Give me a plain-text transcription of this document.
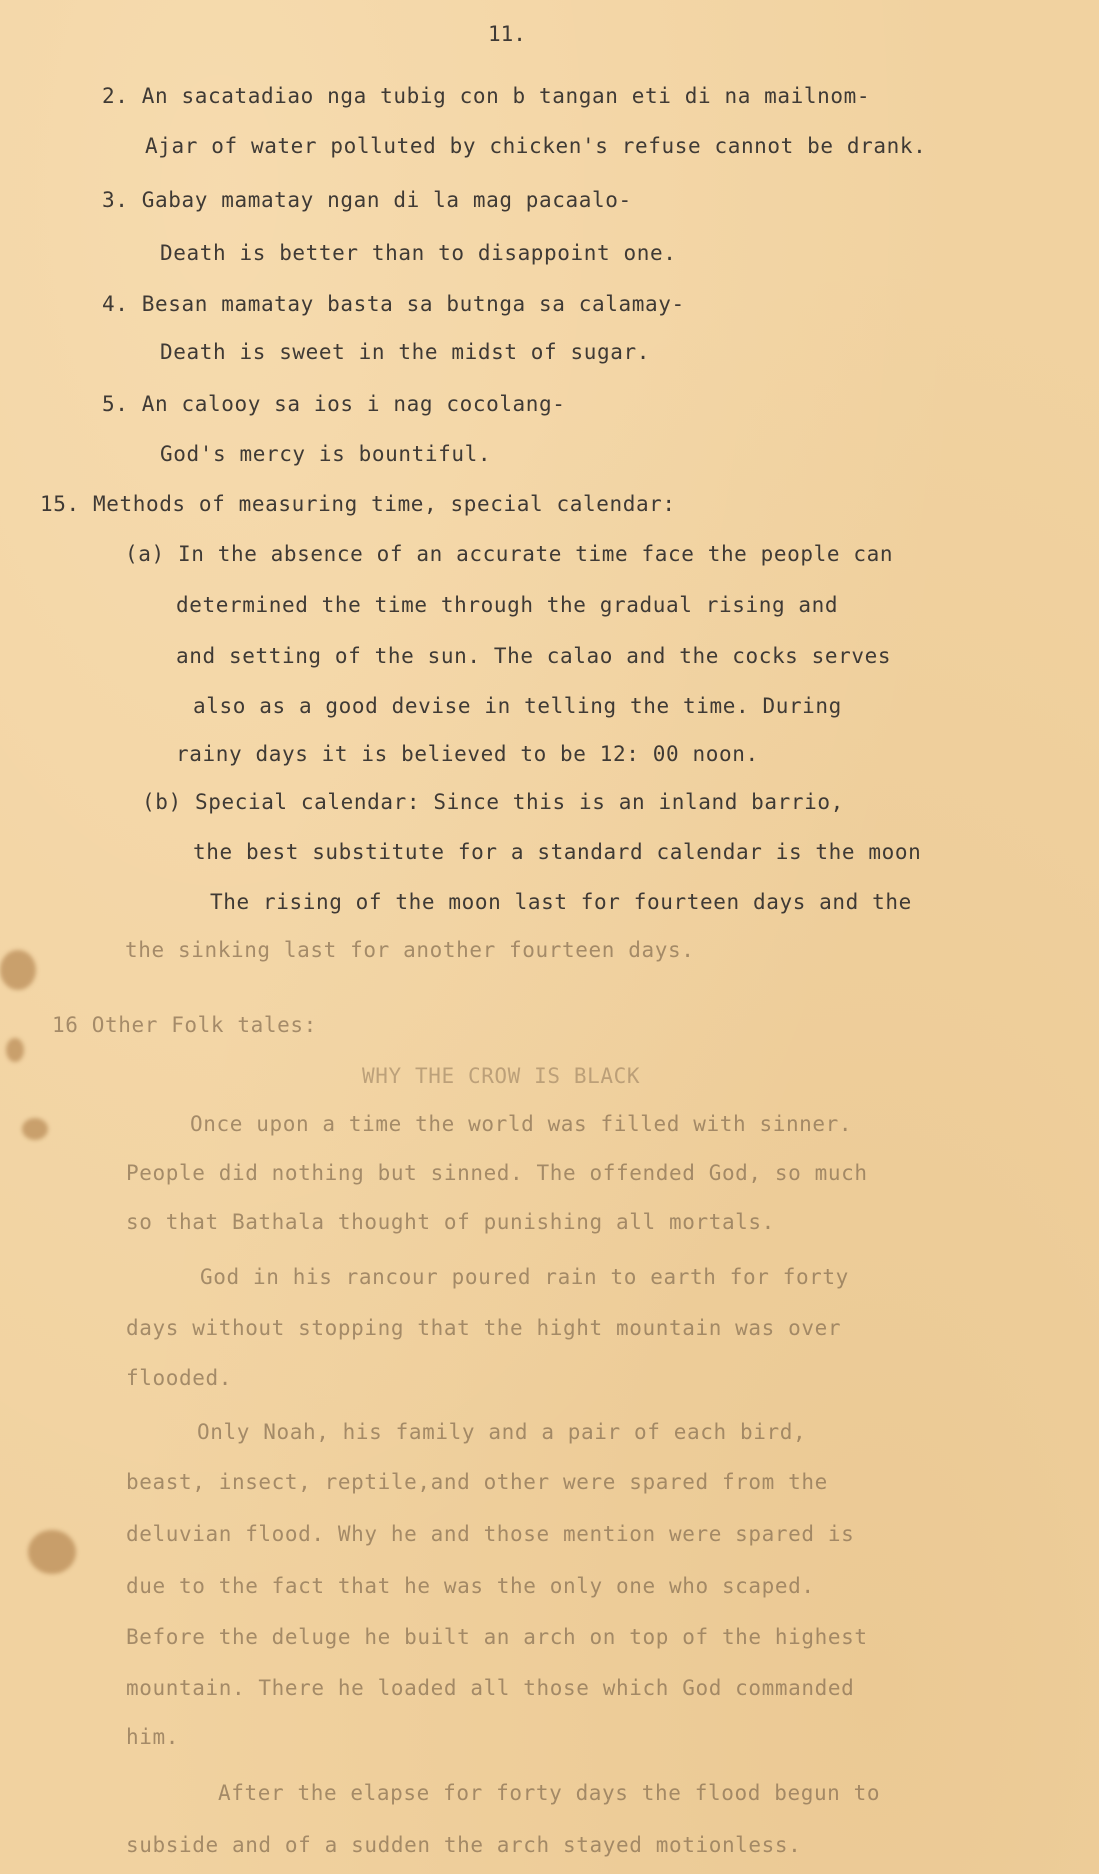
11.
2. An sacatadiao nga tubig con b tangan eti di na mailnom-
Ajar of water polluted by chicken's refuse cannot be drank.
3. Gabay mamatay ngan di la mag pacaalo-
Death is better than to disappoint one.
4. Besan mamatay basta sa butnga sa calamay-
Death is sweet in the midst of sugar.
5. An calooy sa ios i nag cocolang-
God's mercy is bountiful.
15. Methods of measuring time, special calendar:
(a) In the absence of an accurate time face the people can
determined the time through the gradual rising and
and setting of the sun. The calao and the cocks serves
also as a good devise in telling the time. During
rainy days it is believed to be 12: 00 noon.
(b) Special calendar: Since this is an inland barrio,
the best substitute for a standard calendar is the moon
The rising of the moon last for fourteen days and the
the sinking last for another fourteen days.
16 Other Folk tales:
WHY THE CROW IS BLACK
Once upon a time the world was filled with sinner.
People did nothing but sinned. The offended God, so much
so that Bathala thought of punishing all mortals.
God in his rancour poured rain to earth for forty
days without stopping that the hight mountain was over
flooded.
Only Noah, his family and a pair of each bird,
beast, insect, reptile,and other were spared from the
deluvian flood. Why he and those mention were spared is
due to the fact that he was the only one who scaped.
Before the deluge he built an arch on top of the highest
mountain. There he loaded all those which God commanded
him.
After the elapse for forty days the flood begun to
subside and of a sudden the arch stayed motionless.
